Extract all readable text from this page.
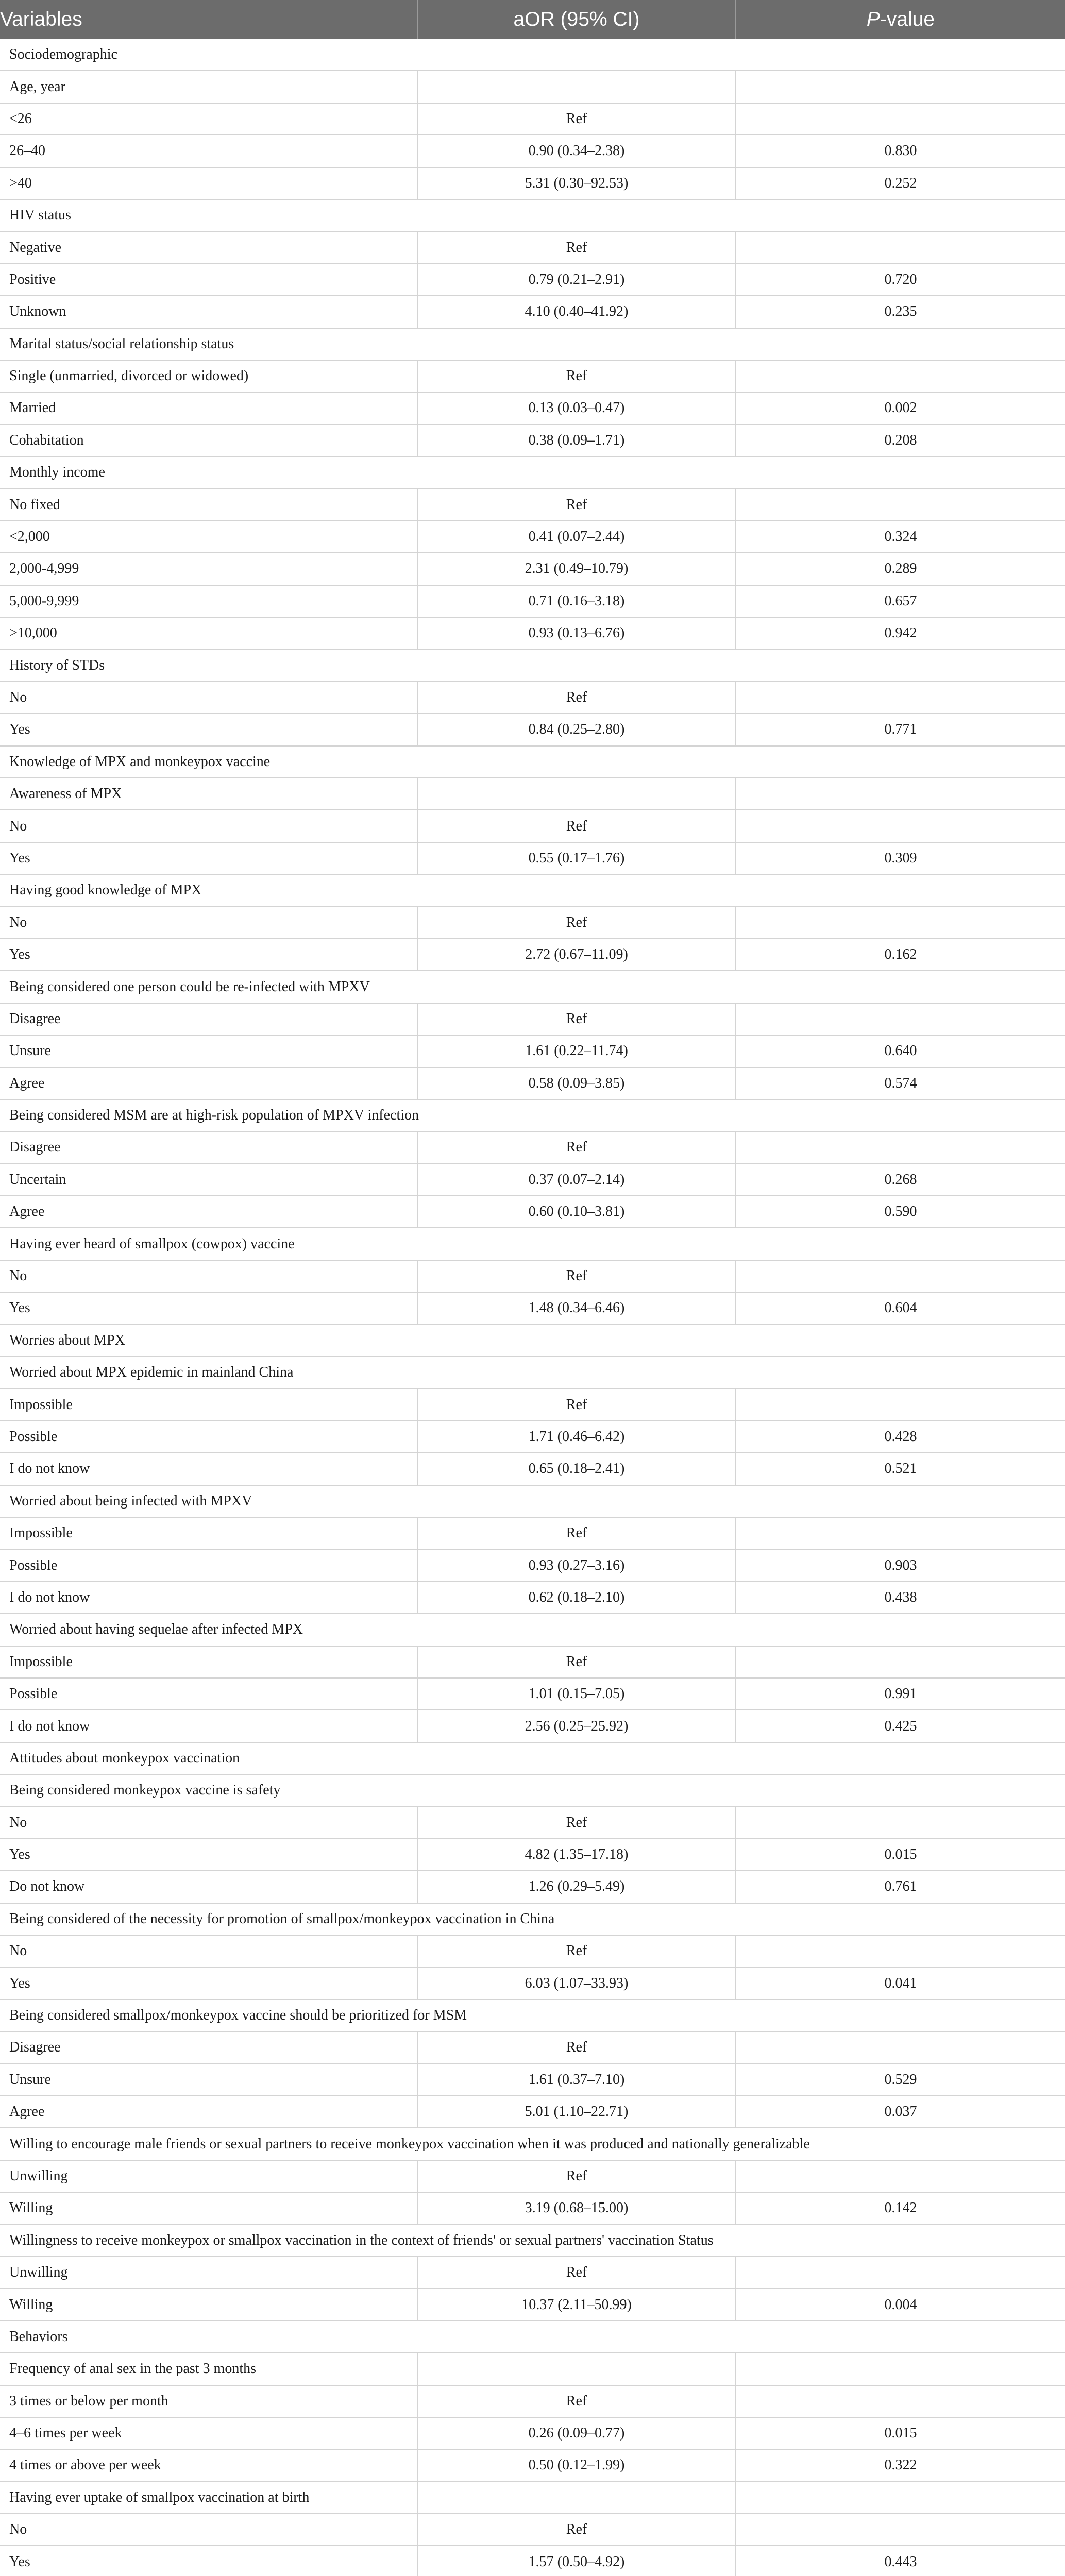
Variables	aOR (95% CI)	P-value
Sociodemographic		
Age, year		
<26	Ref	
26–40	0.90 (0.34–2.38)	0.830
>40	5.31 (0.30–92.53)	0.252
HIV status		
Negative	Ref	
Positive	0.79 (0.21–2.91)	0.720
Unknown	4.10 (0.40–41.92)	0.235
Marital status/social relationship status		
Single (unmarried, divorced or widowed)	Ref	
Married	0.13 (0.03–0.47)	0.002
Cohabitation	0.38 (0.09–1.71)	0.208
Monthly income		
No fixed	Ref	
<2,000	0.41 (0.07–2.44)	0.324
2,000-4,999	2.31 (0.49–10.79)	0.289
5,000-9,999	0.71 (0.16–3.18)	0.657
>10,000	0.93 (0.13–6.76)	0.942
History of STDs		
No	Ref	
Yes	0.84 (0.25–2.80)	0.771
Knowledge of MPX and monkeypox vaccine		
Awareness of MPX		
No	Ref	
Yes	0.55 (0.17–1.76)	0.309
Having good knowledge of MPX		
No	Ref	
Yes	2.72 (0.67–11.09)	0.162
Being considered one person could be re-infected with MPXV		
Disagree	Ref	
Unsure	1.61 (0.22–11.74)	0.640
Agree	0.58 (0.09–3.85)	0.574
Being considered MSM are at high-risk population of MPXV infection		
Disagree	Ref	
Uncertain	0.37 (0.07–2.14)	0.268
Agree	0.60 (0.10–3.81)	0.590
Having ever heard of smallpox (cowpox) vaccine		
No	Ref	
Yes	1.48 (0.34–6.46)	0.604
Worries about MPX		
Worried about MPX epidemic in mainland China		
Impossible	Ref	
Possible	1.71 (0.46–6.42)	0.428
I do not know	0.65 (0.18–2.41)	0.521
Worried about being infected with MPXV		
Impossible	Ref	
Possible	0.93 (0.27–3.16)	0.903
I do not know	0.62 (0.18–2.10)	0.438
Worried about having sequelae after infected MPX		
Impossible	Ref	
Possible	1.01 (0.15–7.05)	0.991
I do not know	2.56 (0.25–25.92)	0.425
Attitudes about monkeypox vaccination		
Being considered monkeypox vaccine is safety		
No	Ref	
Yes	4.82 (1.35–17.18)	0.015
Do not know	1.26 (0.29–5.49)	0.761
Being considered of the necessity for promotion of smallpox/monkeypox vaccination in China		
No	Ref	
Yes	6.03 (1.07–33.93)	0.041
Being considered smallpox/monkeypox vaccine should be prioritized for MSM		
Disagree	Ref	
Unsure	1.61 (0.37–7.10)	0.529
Agree	5.01 (1.10–22.71)	0.037
Willing to encourage male friends or sexual partners to receive monkeypox vaccination when it was produced and nationally generalizable		
Unwilling	Ref	
Willing	3.19 (0.68–15.00)	0.142
Willingness to receive monkeypox or smallpox vaccination in the context of friends' or sexual partners' vaccination Status		
Unwilling	Ref	
Willing	10.37 (2.11–50.99)	0.004
Behaviors		
Frequency of anal sex in the past 3 months		
3 times or below per month	Ref	
4–6 times per week	0.26 (0.09–0.77)	0.015
4 times or above per week	0.50 (0.12–1.99)	0.322
Having ever uptake of smallpox vaccination at birth		
No	Ref	
Yes	1.57 (0.50–4.92)	0.443
